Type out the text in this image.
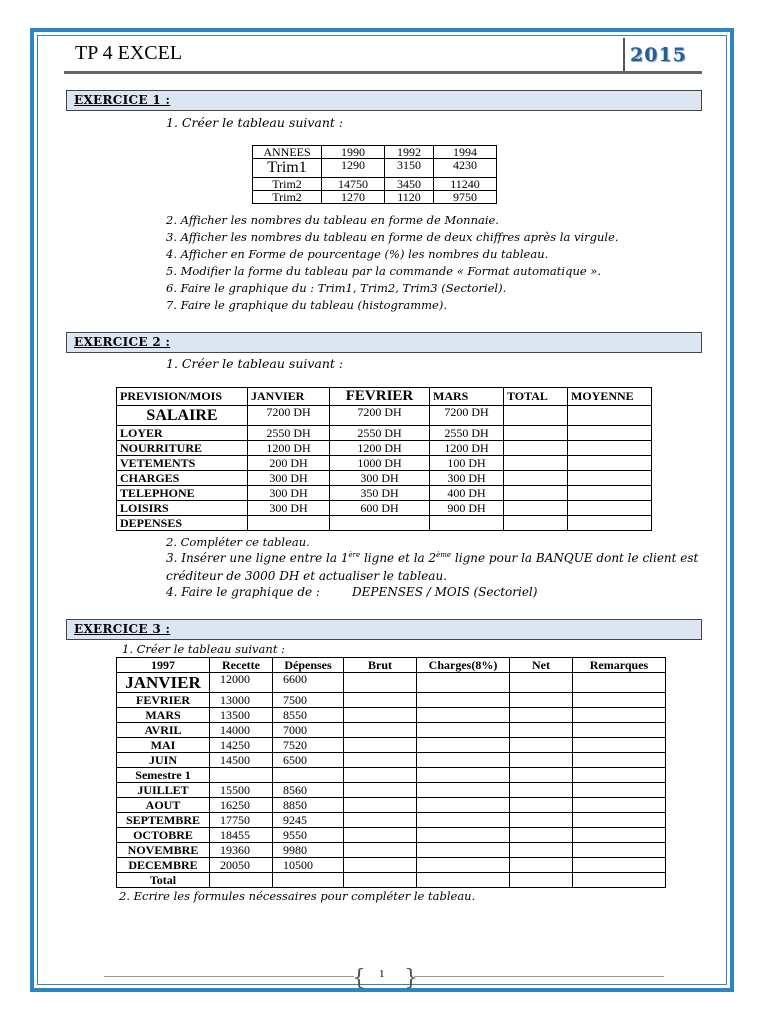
TP 4 EXCEL	2015
EXERCICE 1 :
1. Créer le tableau suivant :
ANNEES	1990	1992	1994
Trim1	1290	3150	4230
Trim2	14750	3450	11240
Trim2	1270	1120	9750
2. Afficher les nombres du tableau en forme de Monnaie.
3. Afficher les nombres du tableau en forme de deux chiffres après la virgule.
4. Afficher en Forme de pourcentage (%) les nombres du tableau.
5. Modifier la forme du tableau par la commande « Format automatique ».
6. Faire le graphique du : Trim1, Trim2, Trim3 (Sectoriel).
7. Faire le graphique du tableau (histogramme).
EXERCICE 2 :
1. Créer le tableau suivant :
PREVISION/MOIS	JANVIER	FEVRIER	MARS	TOTAL	MOYENNE
SALAIRE	7200 DH	7200 DH	7200 DH		
LOYER	2550 DH	2550 DH	2550 DH		
NOURRITURE	1200 DH	1200 DH	1200 DH		
VETEMENTS	200 DH	1000 DH	100 DH		
CHARGES	300 DH	300 DH	300 DH		
TELEPHONE	300 DH	350 DH	400 DH		
LOISIRS	300 DH	600 DH	900 DH		
DEPENSES					
2. Compléter ce tableau.
3. Insérer une ligne entre la 1ère ligne et la 2ème ligne pour la BANQUE dont le client est
créditeur de 3000 DH et actualiser le tableau.
4. Faire le graphique de :	DEPENSES / MOIS (Sectoriel)
EXERCICE 3 :
1. Créer le tableau suivant :
1997	Recette	Dépenses	Brut	Charges(8%)	Net	Remarques
JANVIER	12000	6600				
FEVRIER	13000	7500				
MARS	13500	8550				
AVRIL	14000	7000				
MAI	14250	7520				
JUIN	14500	6500				
Semestre 1						
JUILLET	15500	8560				
AOUT	16250	8850				
SEPTEMBRE	17750	9245				
OCTOBRE	18455	9550				
NOVEMBRE	19360	9980				
DECEMBRE	20050	10500				
Total						
2. Ecrire les formules nécessaires pour compléter le tableau.
{ }
1
